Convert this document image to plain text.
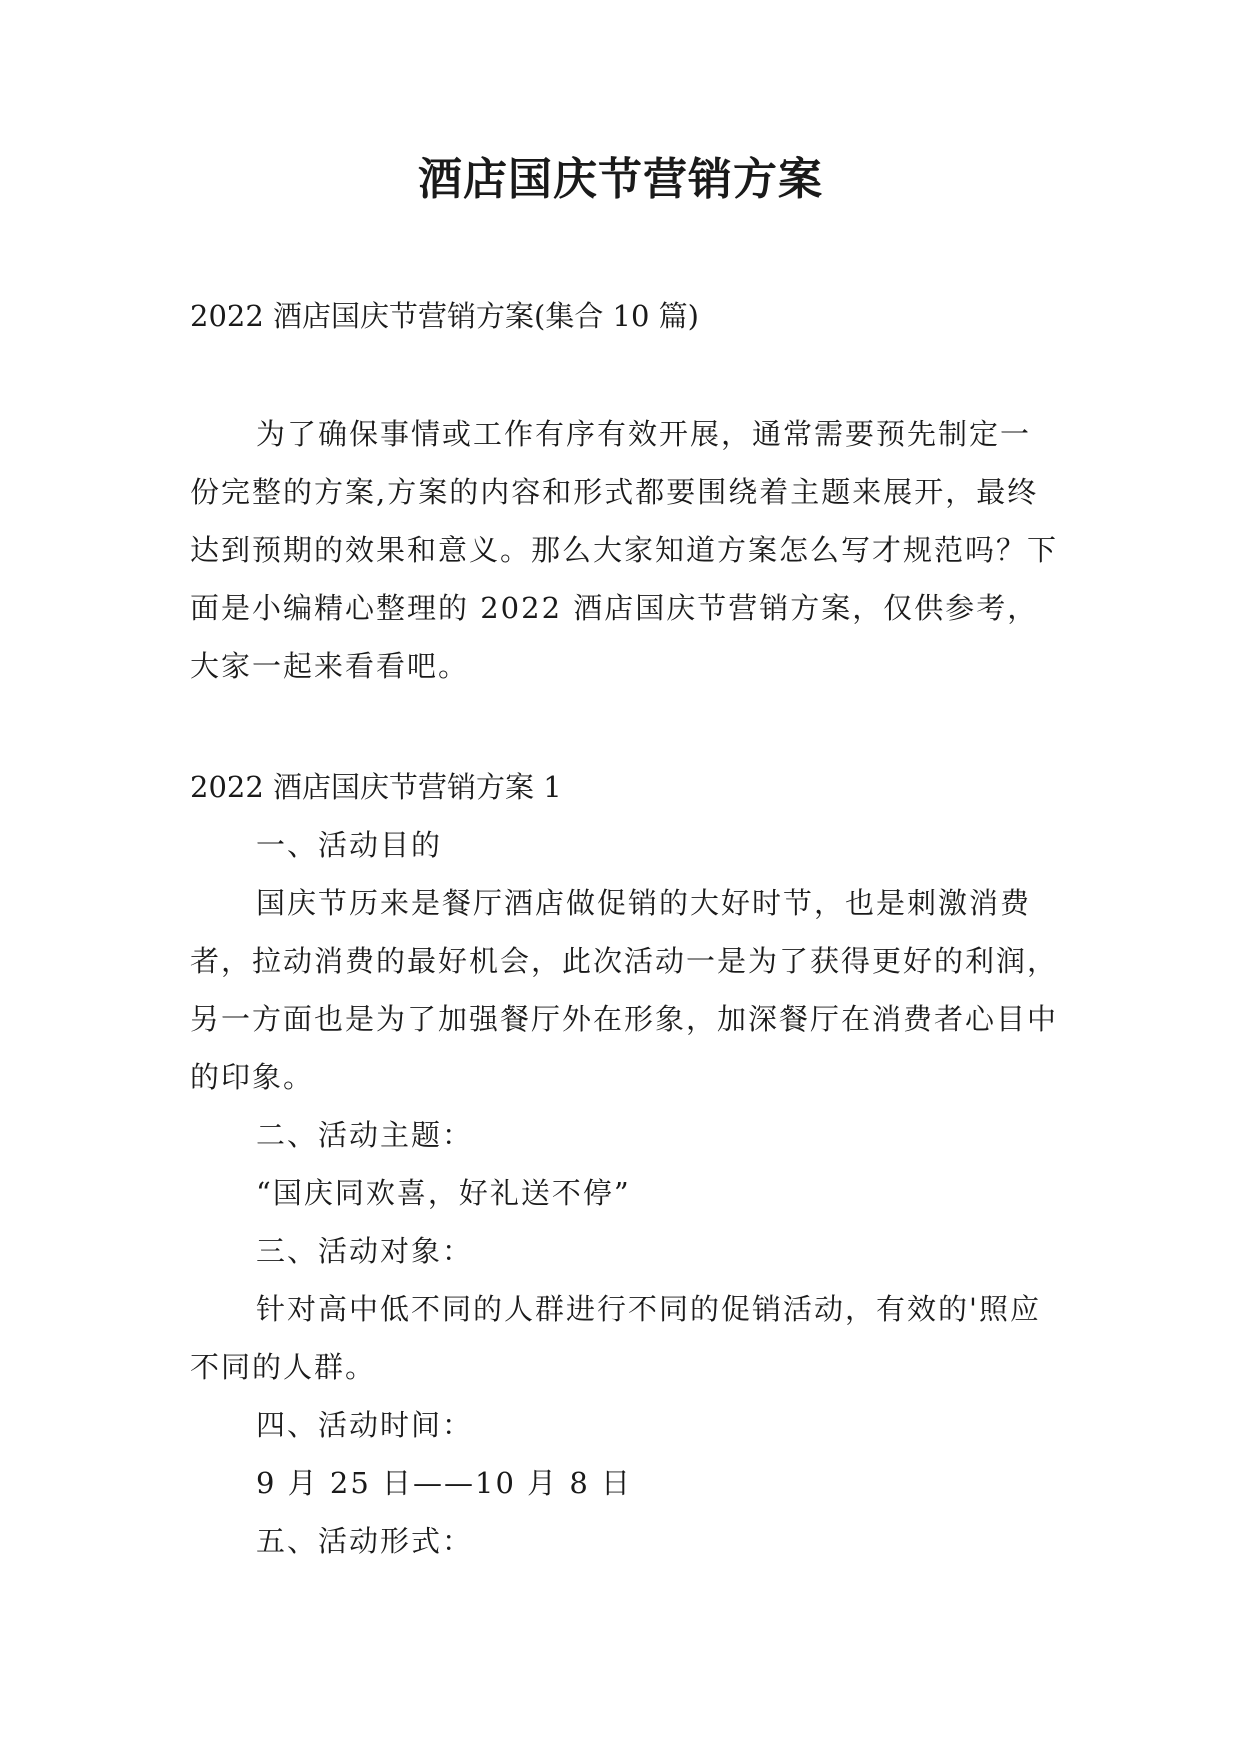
酒店国庆节营销方案
2022 酒店国庆节营销方案(集合 10 篇)
为了确保事情或工作有序有效开展，通常需要预先制定一份完整的方案,方案的内容和形式都要围绕着主题来展开，最终达到预期的效果和意义。那么大家知道方案怎么写才规范吗？下面是小编精心整理的 2022 酒店国庆节营销方案，仅供参考，大家一起来看看吧。
2022 酒店国庆节营销方案 1

一、活动目的

国庆节历来是餐厅酒店做促销的大好时节，也是刺激消费者，拉动消费的最好机会，此次活动一是为了获得更好的利润，另一方面也是为了加强餐厅外在形象，加深餐厅在消费者心目中的印象。

二、活动主题：

“国庆同欢喜，好礼送不停”

三、活动对象：

针对高中低不同的人群进行不同的促销活动，有效的'照应不同的人群。

四、活动时间：

9 月 25 日——10 月 8 日

五、活动形式：
